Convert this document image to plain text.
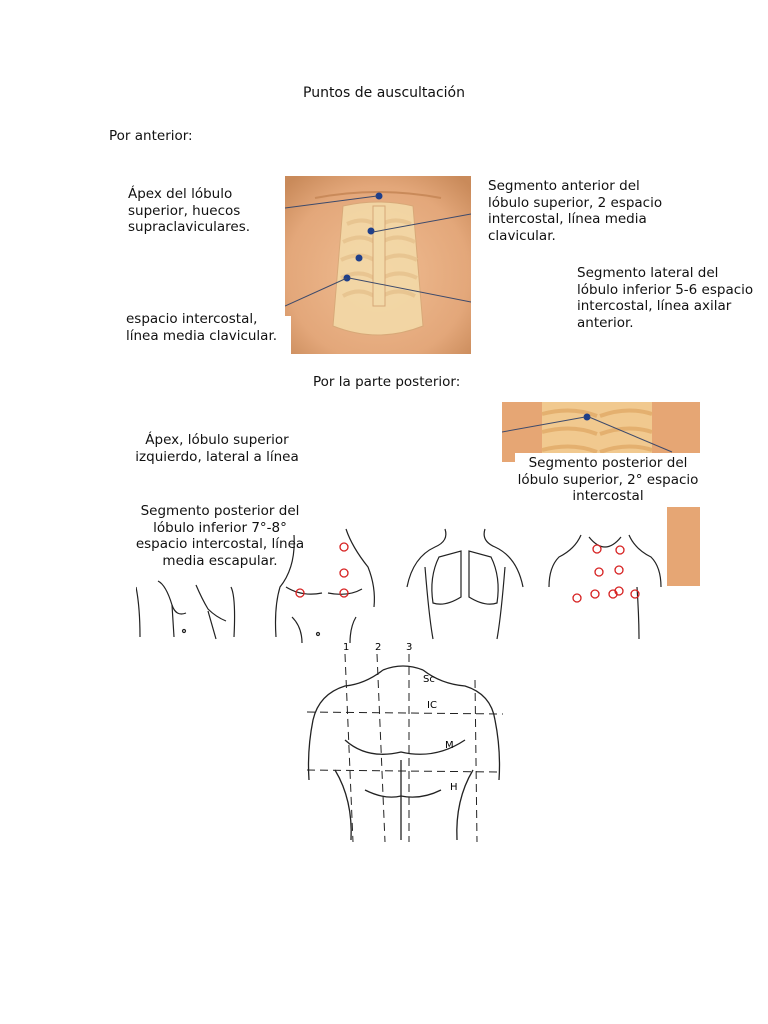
Puntos de auscultación
Por anterior:
Ápex del lóbulo superior, huecos supraclaviculares.
Segmento anterior del lóbulo superior, 2 espacio intercostal, línea media clavicular.
Segmento lateral del lóbulo inferior 5-6 espacio intercostal, línea axilar anterior.
espacio intercostal, línea media clavicular.
Por la parte posterior:
Segmento posterior del lóbulo superior, 2° espacio intercostal
Ápex, lóbulo superior izquierdo, lateral a línea
Segmento posterior del lóbulo inferior 7°-8° espacio intercostal, línea media escapular.
1	2 3
Sc
IC
M
H
